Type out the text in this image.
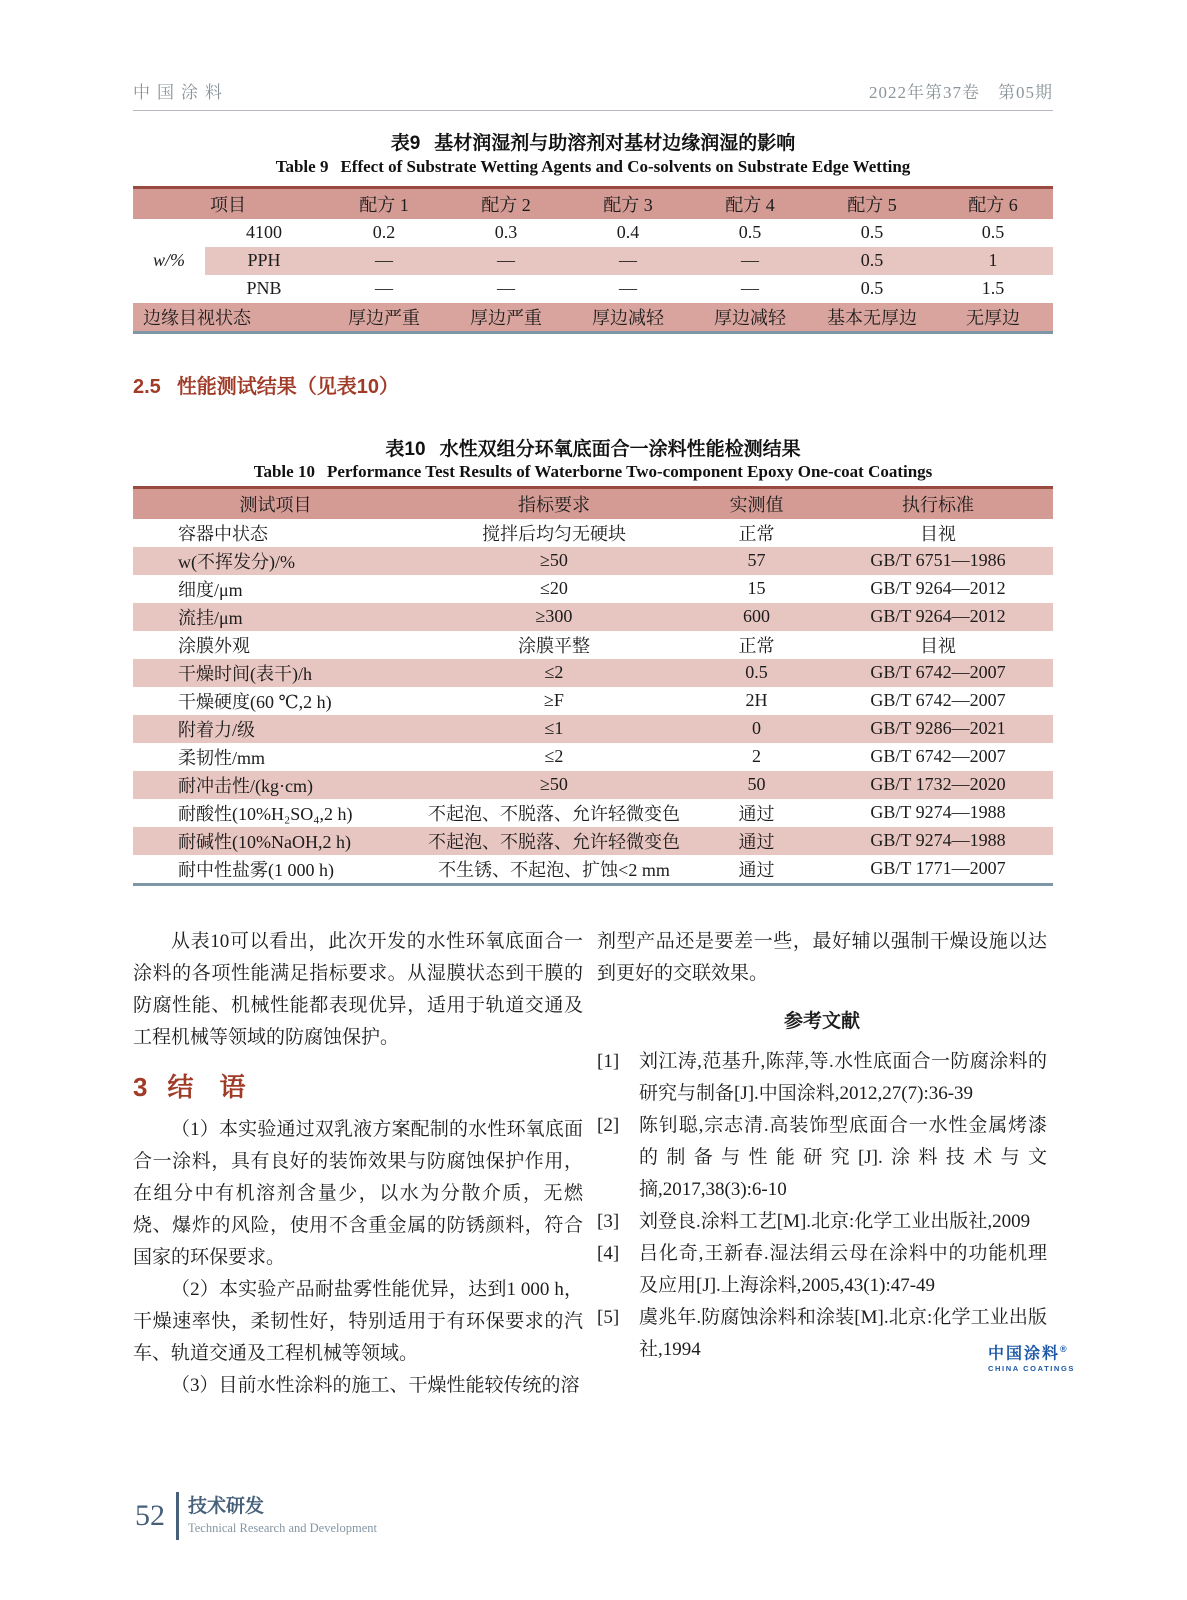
中国涂料	2022年第37卷　第05期
表9 基材润湿剂与助溶剂对基材边缘润湿的影响
Table 9 Effect of Substrate Wetting Agents and Co-solvents on Substrate Edge Wetting
项目		配方 1	配方 2	配方 3	配方 4	配方 5	配方 6
w/%	4100	0.2	0.3	0.4	0.5	0.5	0.5
	PPH	—	—	—	—	0.5	1
	PNB	—	—	—	—	0.5	1.5
边缘目视状态		厚边严重	厚边严重	厚边减轻	厚边减轻	基本无厚边	无厚边
2.5 性能测试结果（见表10）
表10 水性双组分环氧底面合一涂料性能检测结果
Table 10 Performance Test Results of Waterborne Two-component Epoxy One-coat Coatings
测试项目	指标要求	实测值	执行标准
容器中状态	搅拌后均匀无硬块	正常	目视
w(不挥发分)/%	≥50	57	GB/T 6751—1986
细度/μm	≤20	15	GB/T 9264—2012
流挂/μm	≥300	600	GB/T 9264—2012
涂膜外观	涂膜平整	正常	目视
干燥时间(表干)/h	≤2	0.5	GB/T 6742—2007
干燥硬度(60 ℃,2 h)	≥F	2H	GB/T 6742—2007
附着力/级	≤1	0	GB/T 9286—2021
柔韧性/mm	≤2	2	GB/T 6742—2007
耐冲击性/(kg·cm)	≥50	50	GB/T 1732—2020
耐酸性(10%H₂SO₄,2 h)	不起泡、不脱落、允许轻微变色	通过	GB/T 9274—1988
耐碱性(10%NaOH,2 h)	不起泡、不脱落、允许轻微变色	通过	GB/T 9274—1988
耐中性盐雾(1 000 h)	不生锈、不起泡、扩蚀<2 mm	通过	GB/T 1771—2007

从表10可以看出，此次开发的水性环氧底面合一涂料的各项性能满足指标要求。从湿膜状态到干膜的防腐性能、机械性能都表现优异，适用于轨道交通及工程机械等领域的防腐蚀保护。

3 结　语

（1）本实验通过双乳液方案配制的水性环氧底面合一涂料，具有良好的装饰效果与防腐蚀保护作用，在组分中有机溶剂含量少，以水为分散介质，无燃烧、爆炸的风险，使用不含重金属的防锈颜料，符合国家的环保要求。

（2）本实验产品耐盐雾性能优异，达到1 000 h，干燥速率快，柔韧性好，特别适用于有环保要求的汽车、轨道交通及工程机械等领域。

（3）目前水性涂料的施工、干燥性能较传统的溶

剂型产品还是要差一些，最好辅以强制干燥设施以达到更好的交联效果。

参考文献
[1]	刘江涛,范基升,陈萍,等.水性底面合一防腐涂料的研究与制备[J].中国涂料,2012,27(7):36-39
[2]	陈钊聪,宗志清.高装饰型底面合一水性金属烤漆的制备与性能研究[J].涂料技术与文摘,2017,38(3):6-10
[3]	刘登良.涂料工艺[M].北京:化学工业出版社,2009
[4]	吕化奇,王新春.湿法绢云母在涂料中的功能机理及应用[J].上海涂料,2005,43(1):47-49
[5]	虞兆年.防腐蚀涂料和涂装[M].北京:化学工业出版社,1994	中国涂料®
CHINA COATINGS
52 技术研发
Technical Research and Development
